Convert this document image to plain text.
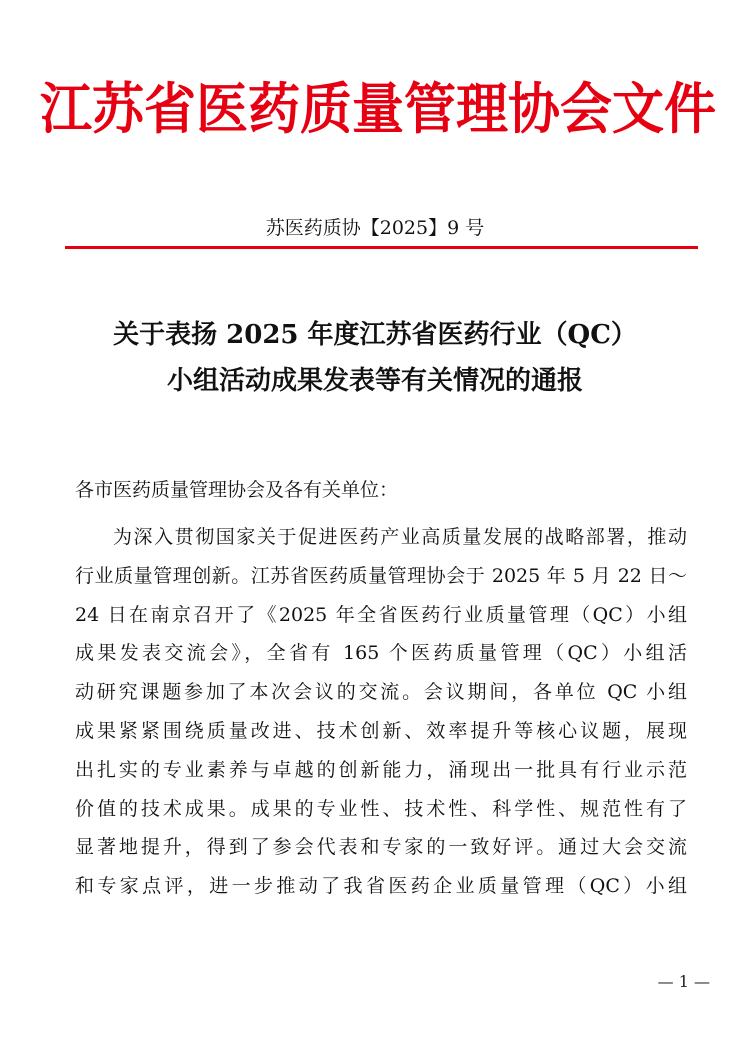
江苏省医药质量管理协会文件
苏医药质协【2025】9 号
关于表扬 2025 年度江苏省医药行业（QC）
小组活动成果发表等有关情况的通报
各市医药质量管理协会及各有关单位：
为深入贯彻国家关于促进医药产业高质量发展的战略部署，推动
行业质量管理创新。江苏省医药质量管理协会于 2025 年 5 月 22 日～
24 日在南京召开了《2025 年全省医药行业质量管理（QC）小组
成果发表交流会》，全省有 165 个医药质量管理（QC）小组活
动研究课题参加了本次会议的交流。会议期间，各单位 QC 小组
成果紧紧围绕质量改进、技术创新、效率提升等核心议题，展现
出扎实的专业素养与卓越的创新能力，涌现出一批具有行业示范
价值的技术成果。成果的专业性、技术性、科学性、规范性有了
显著地提升，得到了参会代表和专家的一致好评。通过大会交流
和专家点评，进一步推动了我省医药企业质量管理（QC）小组
— 1 —
